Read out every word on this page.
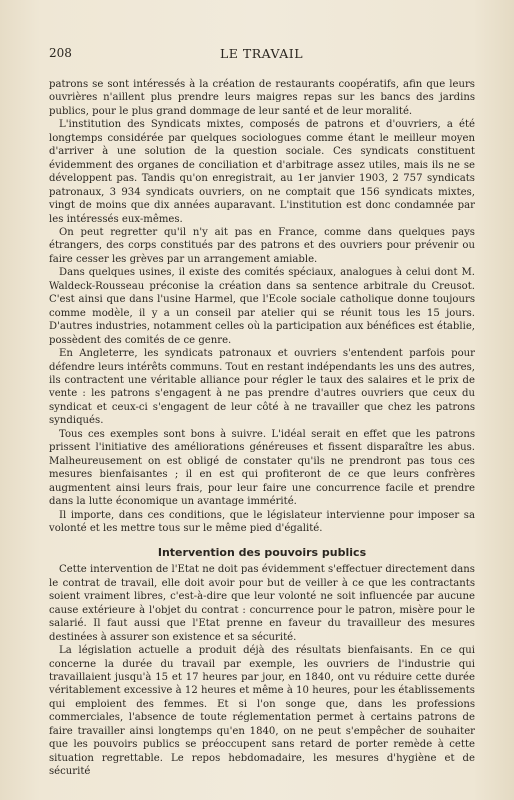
208	LE TRAVAIL

patrons se sont intéressés à la création de restaurants coopératifs, afin que leurs ouvrières n'aillent plus prendre leurs maigres repas sur les bancs des jardins publics, pour le plus grand dommage de leur santé et de leur moralité.

L'institution des Syndicats mixtes, composés de patrons et d'ouvriers, a été longtemps considérée par quelques sociologues comme étant le meilleur moyen d'arriver à une solution de la question sociale. Ces syndicats constituent évidemment des organes de conciliation et d'arbitrage assez utiles, mais ils ne se développent pas. Tandis qu'on enregistrait, au 1er janvier 1903, 2 757 syndicats patronaux, 3 934 syndicats ouvriers, on ne comptait que 156 syndicats mixtes, vingt de moins que dix années auparavant. L'institution est donc condamnée par les intéressés eux-mêmes.

On peut regretter qu'il n'y ait pas en France, comme dans quelques pays étrangers, des corps constitués par des patrons et des ouvriers pour prévenir ou faire cesser les grèves par un arrangement amiable.

Dans quelques usines, il existe des comités spéciaux, analogues à celui dont M. Waldeck-Rousseau préconise la création dans sa sentence arbitrale du Creusot. C'est ainsi que dans l'usine Harmel, que l'Ecole sociale catholique donne toujours comme modèle, il y a un conseil par atelier qui se réunit tous les 15 jours. D'autres industries, notamment celles où la participation aux bénéfices est établie, possèdent des comités de ce genre.

En Angleterre, les syndicats patronaux et ouvriers s'entendent parfois pour défendre leurs intérêts communs. Tout en restant indépendants les uns des autres, ils contractent une véritable alliance pour régler le taux des salaires et le prix de vente : les patrons s'engagent à ne pas prendre d'autres ouvriers que ceux du syndicat et ceux-ci s'engagent de leur côté à ne travailler que chez les patrons syndiqués.

Tous ces exemples sont bons à suivre. L'idéal serait en effet que les patrons prissent l'initiative des améliorations généreuses et fissent disparaître les abus. Malheureusement on est obligé de constater qu'ils ne prendront pas tous ces mesures bienfaisantes ; il en est qui profiteront de ce que leurs confrères augmentent ainsi leurs frais, pour leur faire une concurrence facile et prendre dans la lutte économique un avantage immérité.

Il importe, dans ces conditions, que le législateur intervienne pour imposer sa volonté et les mettre tous sur le même pied d'égalité.

Intervention des pouvoirs publics

Cette intervention de l'Etat ne doit pas évidemment s'effectuer directement dans le contrat de travail, elle doit avoir pour but de veiller à ce que les contractants soient vraiment libres, c'est-à-dire que leur volonté ne soit influencée par aucune cause extérieure à l'objet du contrat : concurrence pour le patron, misère pour le salarié. Il faut aussi que l'Etat prenne en faveur du travailleur des mesures destinées à assurer son existence et sa sécurité.

La législation actuelle a produit déjà des résultats bienfaisants. En ce qui concerne la durée du travail par exemple, les ouvriers de l'industrie qui travaillaient jusqu'à 15 et 17 heures par jour, en 1840, ont vu réduire cette durée véritablement excessive à 12 heures et même à 10 heures, pour les établissements qui emploient des femmes. Et si l'on songe que, dans les professions commerciales, l'absence de toute réglementation permet à certains patrons de faire travailler ainsi longtemps qu'en 1840, on ne peut s'empêcher de souhaiter que les pouvoirs publics se préoccupent sans retard de porter remède à cette situation regrettable. Le repos hebdomadaire, les mesures d'hygiène et de sécurité
